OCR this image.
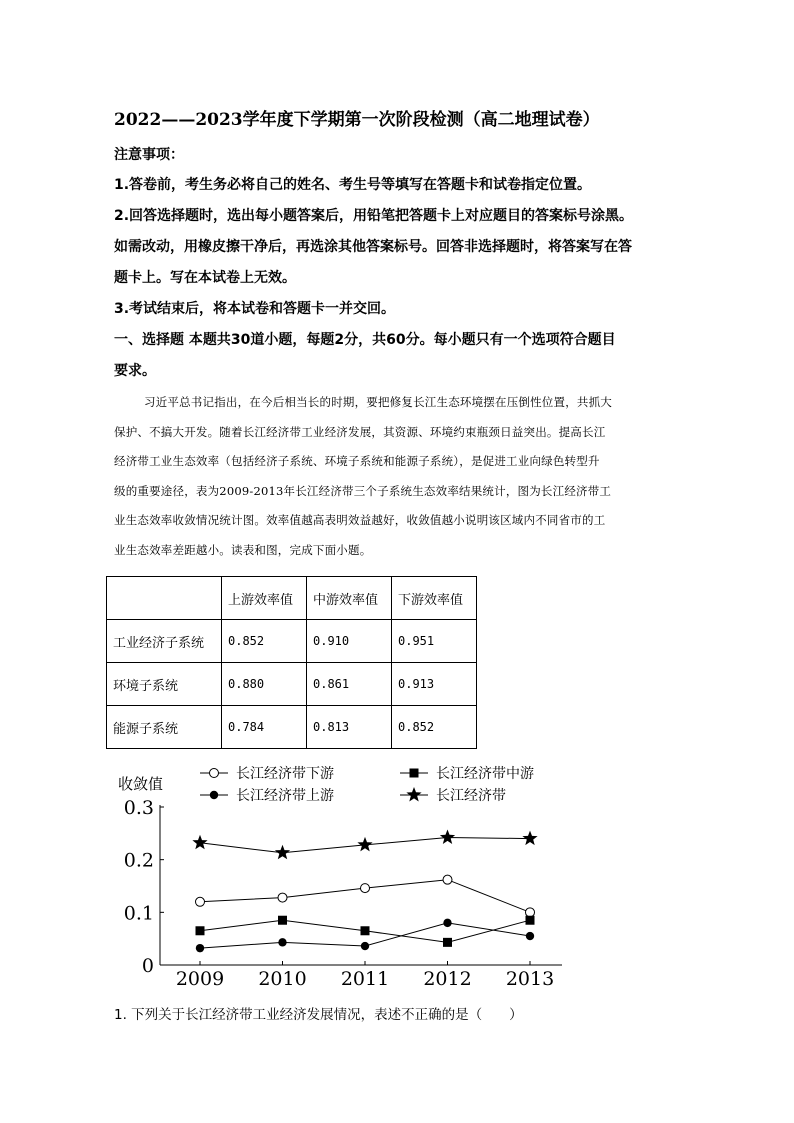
2022——2023学年度下学期第一次阶段检测（高二地理试卷）
注意事项：
1.答卷前，考生务必将自己的姓名、考生号等填写在答题卡和试卷指定位置。
2.回答选择题时，选出每小题答案后，用铅笔把答题卡上对应题目的答案标号涂黑。
如需改动，用橡皮擦干净后，再选涂其他答案标号。回答非选择题时，将答案写在答
题卡上。写在本试卷上无效。
3.考试结束后，将本试卷和答题卡一并交回。
一、选择题 本题共30道小题，每题2分，共60分。每小题只有一个选项符合题目
要求。
习近平总书记指出，在今后相当长的时期，要把修复长江生态环境摆在压倒性位置，共抓大
保护、不搞大开发。随着长江经济带工业经济发展，其资源、环境约束瓶颈日益突出。提高长江
经济带工业生态效率（包括经济子系统、环境子系统和能源子系统），是促进工业向绿色转型升
级的重要途径，表为2009-2013年长江经济带三个子系统生态效率结果统计，图为长江经济带工
业生态效率收敛情况统计图。效率值越高表明效益越好，收敛值越小说明该区域内不同省市的工
业生态效率差距越小。读表和图，完成下面小题。
	上游效率值	中游效率值	下游效率值
工业经济子系统	0.852	0.910	0.951
环境子系统	0.880	0.861	0.913
能源子系统	0.784	0.813	0.852
收敛值
0
0.1
0.2
0.3
2009 2010 2011 2012 2013
长江经济带下游	长江经济带中游
长江经济带上游	长江经济带
1. 下列关于长江经济带工业经济发展情况，表述不正确的是（　　）
